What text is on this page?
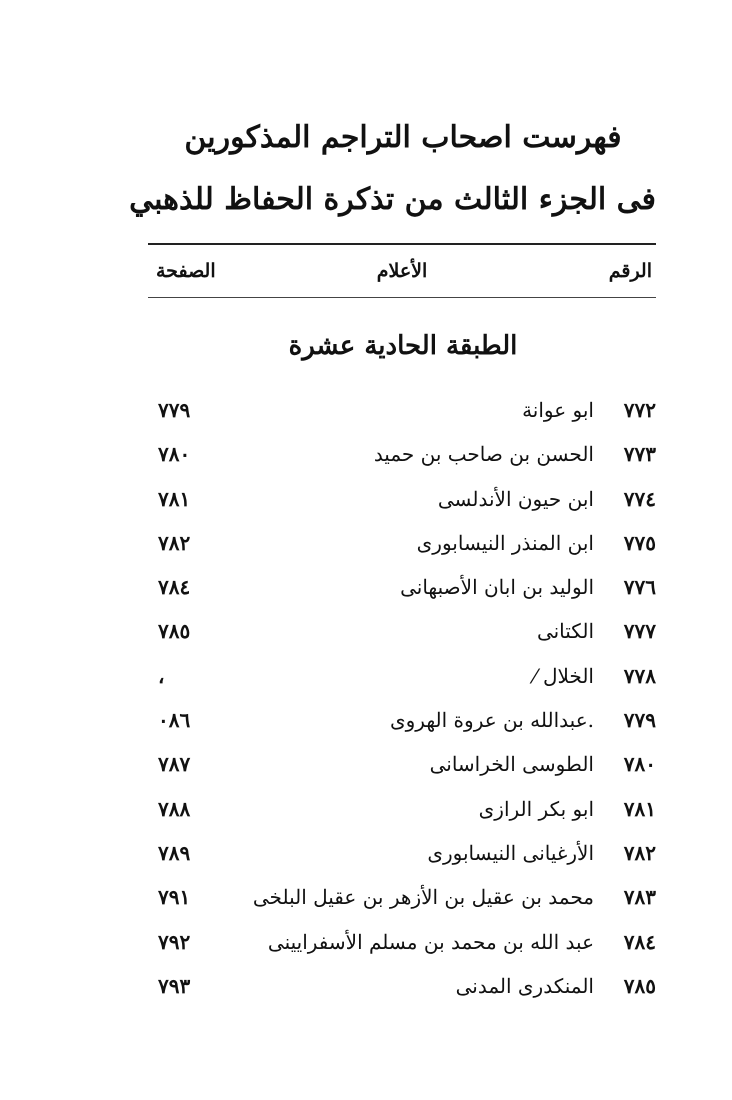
فهرست اصحاب التراجم المذكورين
فى الجزء الثالث من تذكرة الحفاظ للذهبي
الرقم
الأعلام
الصفحة
الطبقة الحادية عشرة
٧٧٢
ابو عوانة
٧٧٩
٧٧٣
الحسن بن صاحب بن حميد
٧٨٠
٧٧٤
ابن حيون الأندلسى
٧٨١
٧٧٥
ابن المنذر النيسابورى
٧٨٢
٧٧٦
الوليد بن ابان الأصبهانى
٧٨٤
٧٧٧
الكتانى
٧٨٥
٧٧٨
الخلال ⁄
،
٧٧٩
.عبدالله بن عروة الهروى
٠٨٦
٧٨٠
الطوسى الخراسانى
٧٨٧
٧٨١
ابو بكر الرازى
٧٨٨
٧٨٢
الأرغيانى النيسابورى
٧٨٩
٧٨٣
محمد بن عقيل بن الأزهر بن عقيل البلخى
٧٩١
٧٨٤
عبد الله بن محمد بن مسلم الأسفرايينى
٧٩٢
٧٨٥
المنكدرى المدنى
٧٩٣
